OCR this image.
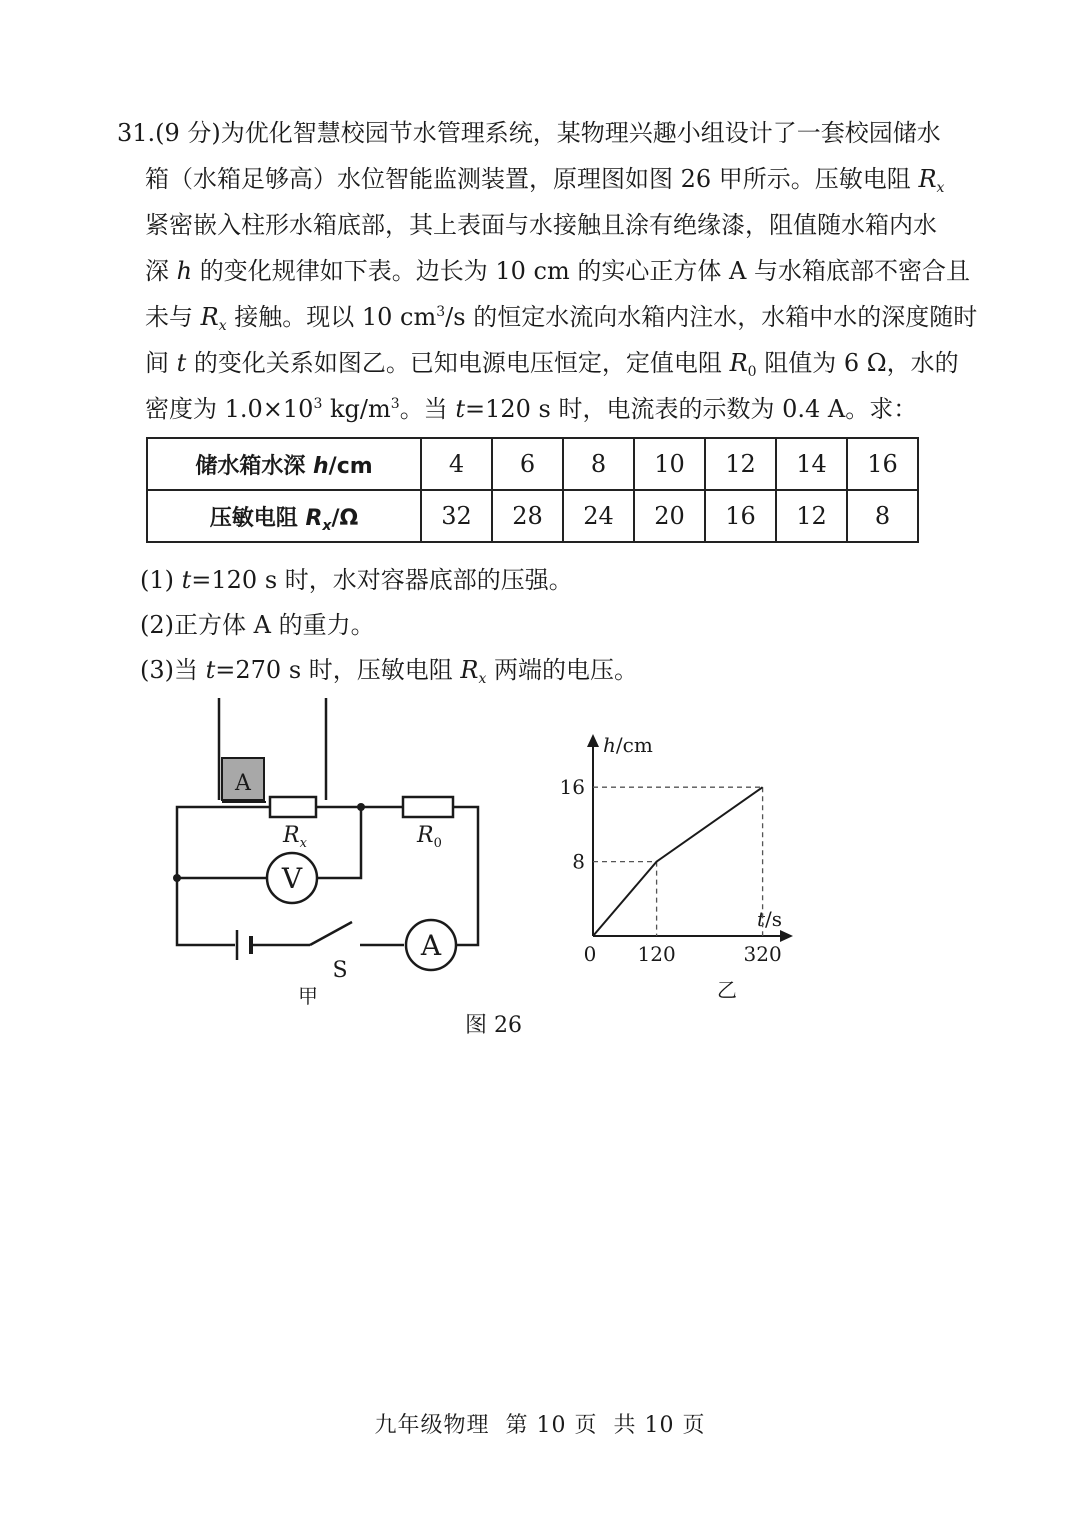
31.(9 分)为优化智慧校园节水管理系统，某物理兴趣小组设计了一套校园储水
箱（水箱足够高）水位智能监测装置，原理图如图 26 甲所示。压敏电阻 $R_x$
紧密嵌入柱形水箱底部，其上表面与水接触且涂有绝缘漆，阻值随水箱内水
深 h 的变化规律如下表。边长为 10 cm 的实心正方体 A 与水箱底部不密合且
未与 $R_x$ 接触。现以 10 $cm^3/s$ 的恒定水流向水箱内注水，水箱中水的深度随时
间 t 的变化关系如图乙。已知电源电压恒定，定值电阻 $R_0$ 阻值为 6 Ω，水的
密度为 $1.0\times 10^3$ $kg/m^3$。当 t=120 s 时，电流表的示数为 0.4 A。求：
储水箱水深 h/cm	4	6	8	10	12	14	16
压敏电阻 $R_x/\Omega$	32	28	24	20	16	12	8
(1) t=120 s 时，水对容器底部的压强。
(2)正方体 A 的重力。
(3)当 t=270 s 时，压敏电阻 $R_x$ 两端的电压。
A
$R_x$	$R_0$
V
S
A
甲
h/cm
t/s
乙
0 120	320
8
16
图 26
九年级物理  第 10 页  共 10 页
